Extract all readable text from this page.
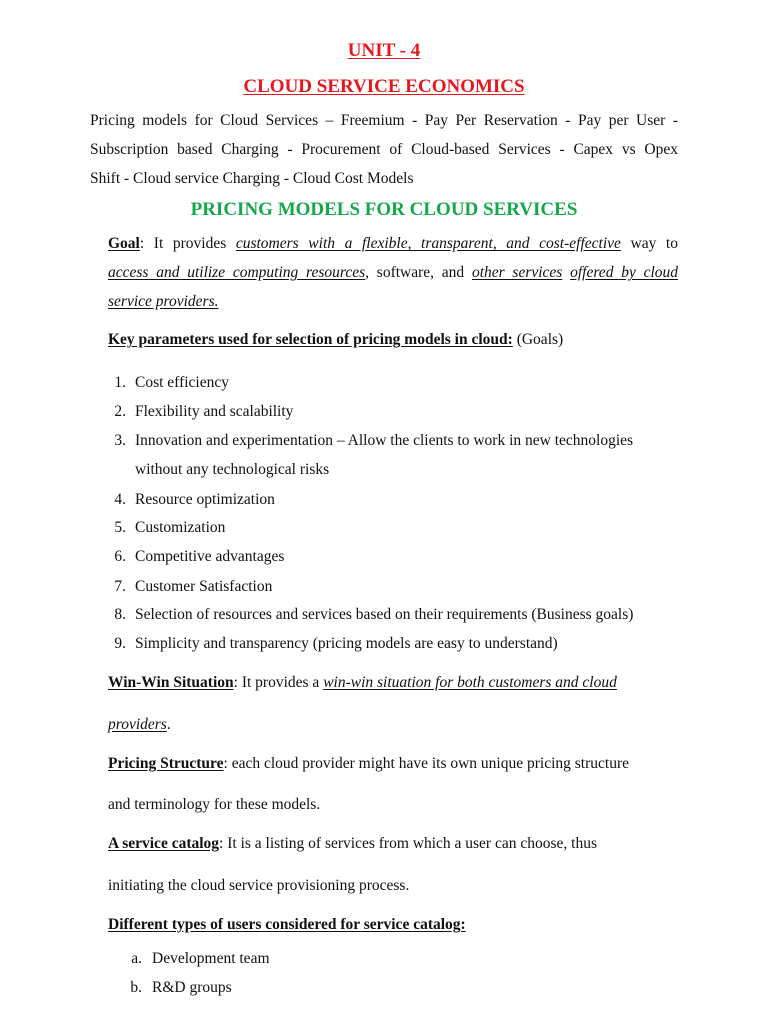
UNIT - 4
CLOUD SERVICE ECONOMICS
Pricing models for Cloud Services – Freemium - Pay Per Reservation - Pay per User -
Subscription based Charging - Procurement of Cloud-based Services - Capex vs Opex
Shift - Cloud service Charging - Cloud Cost Models
PRICING MODELS FOR CLOUD SERVICES
Goal: It provides customers with a flexible, transparent, and cost-effective way to
access and utilize computing resources, software, and other services offered by cloud
service providers.
Key parameters used for selection of pricing models in cloud: (Goals)
1. Cost efficiency
2. Flexibility and scalability
3. Innovation and experimentation – Allow the clients to work in new technologies
without any technological risks
4. Resource optimization
5. Customization
6. Competitive advantages
7. Customer Satisfaction
8. Selection of resources and services based on their requirements (Business goals)
9. Simplicity and transparency (pricing models are easy to understand)
Win-Win Situation: It provides a win-win situation for both customers and cloud
providers.
Pricing Structure: each cloud provider might have its own unique pricing structure
and terminology for these models.
A service catalog: It is a listing of services from which a user can choose, thus
initiating the cloud service provisioning process.
Different types of users considered for service catalog:
a. Development team
b. R&D groups
